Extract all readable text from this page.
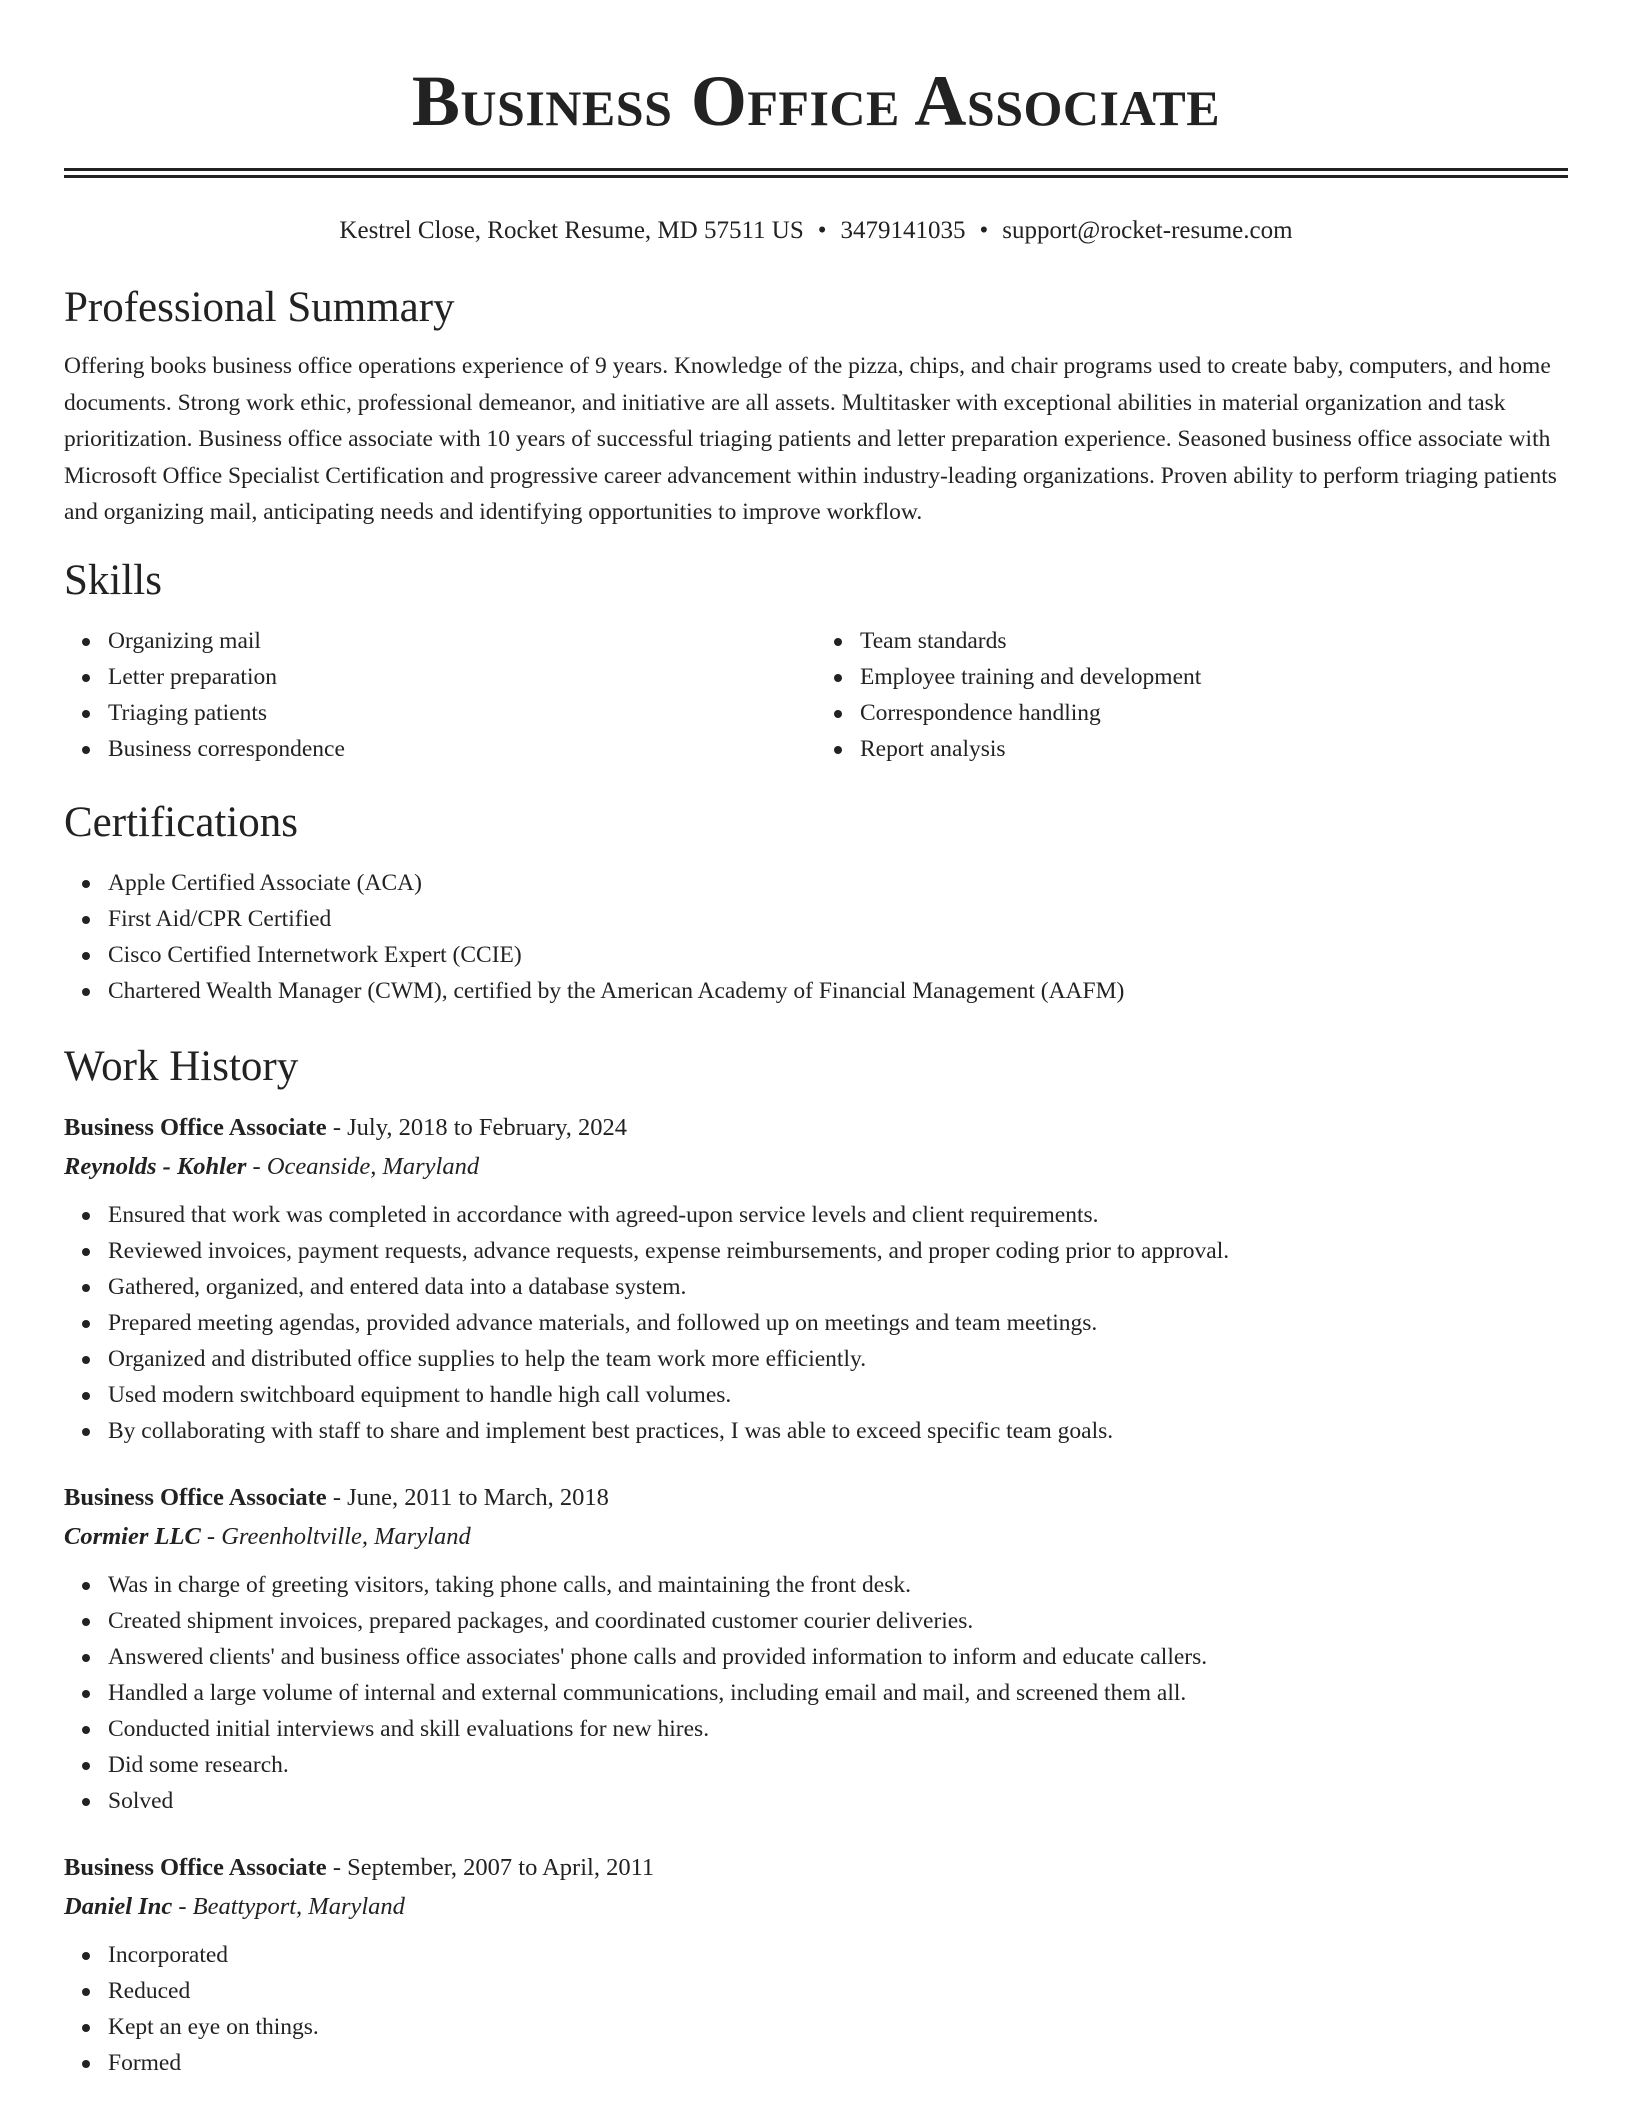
Business Office Associate
Kestrel Close, Rocket Resume, MD 57511 US • 3479141035 • support@rocket-resume.com
Professional Summary

Offering books business office operations experience of 9 years. Knowledge of the pizza, chips, and chair programs used to create baby, computers, and home documents. Strong work ethic, professional demeanor, and initiative are all assets. Multitasker with exceptional abilities in material organization and task prioritization. Business office associate with 10 years of successful triaging patients and letter preparation experience. Seasoned business office associate with Microsoft Office Specialist Certification and progressive career advancement within industry-leading organizations. Proven ability to perform triaging patients and organizing mail, anticipating needs and identifying opportunities to improve workflow.

Skills
Organizing mail
Letter preparation
Triaging patients
Business correspondence
Team standards
Employee training and development
Correspondence handling
Report analysis
Certifications
Apple Certified Associate (ACA)
First Aid/CPR Certified
Cisco Certified Internetwork Expert (CCIE)
Chartered Wealth Manager (CWM), certified by the American Academy of Financial Management (AAFM)
Work History
Business Office Associate - July, 2018 to February, 2024
Reynolds - Kohler - Oceanside, Maryland
Ensured that work was completed in accordance with agreed-upon service levels and client requirements.
Reviewed invoices, payment requests, advance requests, expense reimbursements, and proper coding prior to approval.
Gathered, organized, and entered data into a database system.
Prepared meeting agendas, provided advance materials, and followed up on meetings and team meetings.
Organized and distributed office supplies to help the team work more efficiently.
Used modern switchboard equipment to handle high call volumes.
By collaborating with staff to share and implement best practices, I was able to exceed specific team goals.
Business Office Associate - June, 2011 to March, 2018
Cormier LLC - Greenholtville, Maryland
Was in charge of greeting visitors, taking phone calls, and maintaining the front desk.
Created shipment invoices, prepared packages, and coordinated customer courier deliveries.
Answered clients' and business office associates' phone calls and provided information to inform and educate callers.
Handled a large volume of internal and external communications, including email and mail, and screened them all.
Conducted initial interviews and skill evaluations for new hires.
Did some research.
Solved
Business Office Associate - September, 2007 to April, 2011
Daniel Inc - Beattyport, Maryland
Incorporated
Reduced
Kept an eye on things.
Formed
